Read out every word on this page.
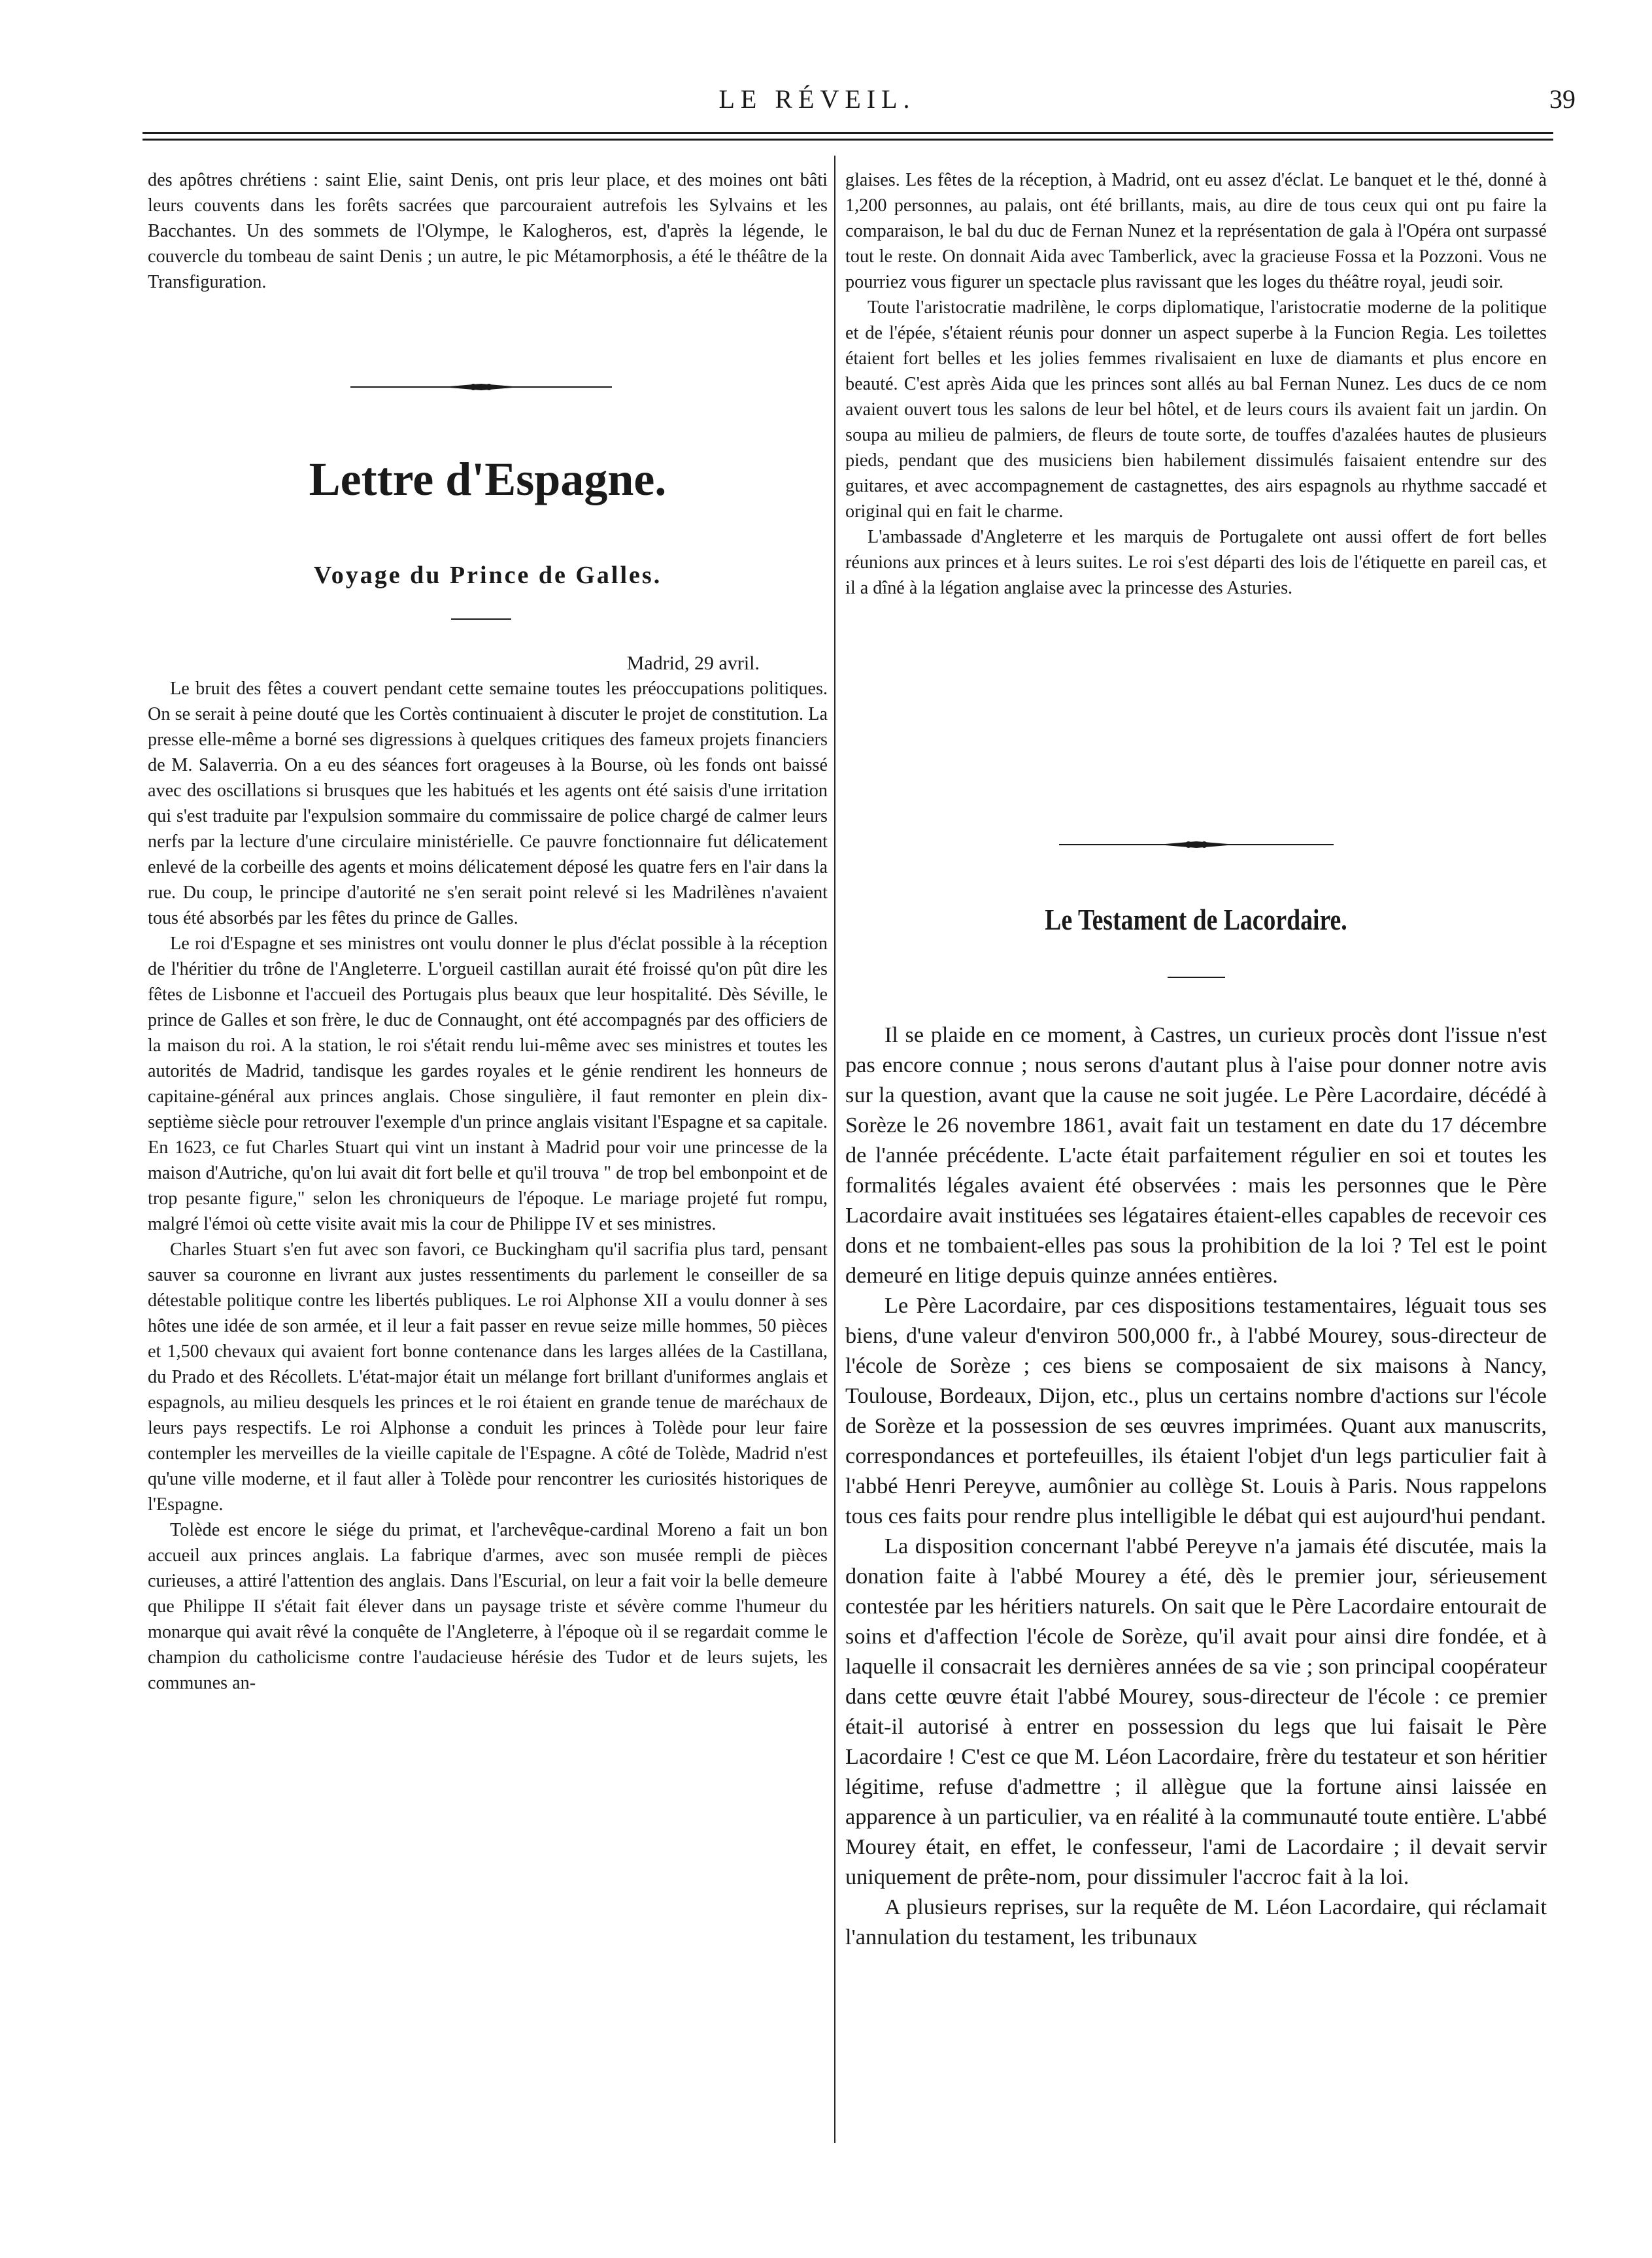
LE RÉVEIL.	39

des apôtres chrétiens : saint Elie, saint Denis, ont pris leur place, et des moines ont bâti leurs couvents dans les forêts sacrées que parcouraient autrefois les Sylvains et les Bacchantes. Un des sommets de l'Olympe, le Kalogheros, est, d'après la légende, le couvercle du tombeau de saint Denis ; un autre, le pic Métamorphosis, a été le théâtre de la Transfiguration.

Lettre d'Espagne.
Voyage du Prince de Galles.
Madrid, 29 avril.

Le bruit des fêtes a couvert pendant cette semaine toutes les préoccupations politiques. On se serait à peine douté que les Cortès continuaient à discuter le projet de constitution. La presse elle-même a borné ses digressions à quelques critiques des fameux projets financiers de M. Salaverria. On a eu des séances fort orageuses à la Bourse, où les fonds ont baissé avec des oscillations si brusques que les habitués et les agents ont été saisis d'une irritation qui s'est traduite par l'expulsion sommaire du commissaire de police chargé de calmer leurs nerfs par la lecture d'une circulaire ministérielle. Ce pauvre fonctionnaire fut délicatement enlevé de la corbeille des agents et moins délicatement déposé les quatre fers en l'air dans la rue. Du coup, le principe d'autorité ne s'en serait point relevé si les Madrilènes n'avaient tous été absorbés par les fêtes du prince de Galles.

Le roi d'Espagne et ses ministres ont voulu donner le plus d'éclat possible à la réception de l'héritier du trône de l'Angleterre. L'orgueil castillan aurait été froissé qu'on pût dire les fêtes de Lisbonne et l'accueil des Portugais plus beaux que leur hospitalité. Dès Séville, le prince de Galles et son frère, le duc de Connaught, ont été accompagnés par des officiers de la maison du roi. A la station, le roi s'était rendu lui-même avec ses ministres et toutes les autorités de Madrid, tandisque les gardes royales et le génie rendirent les honneurs de capitaine-général aux princes anglais. Chose singulière, il faut remonter en plein dix-septième siècle pour retrouver l'exemple d'un prince anglais visitant l'Espagne et sa capitale. En 1623, ce fut Charles Stuart qui vint un instant à Madrid pour voir une princesse de la maison d'Autriche, qu'on lui avait dit fort belle et qu'il trouva " de trop bel embonpoint et de trop pesante figure," selon les chroniqueurs de l'époque. Le mariage projeté fut rompu, malgré l'émoi où cette visite avait mis la cour de Philippe IV et ses ministres.

Charles Stuart s'en fut avec son favori, ce Buckingham qu'il sacrifia plus tard, pensant sauver sa couronne en livrant aux justes ressentiments du parlement le conseiller de sa détestable politique contre les libertés publiques. Le roi Alphonse XII a voulu donner à ses hôtes une idée de son armée, et il leur a fait passer en revue seize mille hommes, 50 pièces et 1,500 chevaux qui avaient fort bonne contenance dans les larges allées de la Castillana, du Prado et des Récollets. L'état-major était un mélange fort brillant d'uniformes anglais et espagnols, au milieu desquels les princes et le roi étaient en grande tenue de maréchaux de leurs pays respectifs. Le roi Alphonse a conduit les princes à Tolède pour leur faire contempler les merveilles de la vieille capitale de l'Espagne. A côté de Tolède, Madrid n'est qu'une ville moderne, et il faut aller à Tolède pour rencontrer les curiosités historiques de l'Espagne.

Tolède est encore le siége du primat, et l'archevêque-cardinal Moreno a fait un bon accueil aux princes anglais. La fabrique d'armes, avec son musée rempli de pièces curieuses, a attiré l'attention des anglais. Dans l'Escurial, on leur a fait voir la belle demeure que Philippe II s'était fait élever dans un paysage triste et sévère comme l'humeur du monarque qui avait rêvé la conquête de l'Angleterre, à l'époque où il se regardait comme le champion du catholicisme contre l'audacieuse hérésie des Tudor et de leurs sujets, les communes an-

glaises. Les fêtes de la réception, à Madrid, ont eu assez d'éclat. Le banquet et le thé, donné à 1,200 personnes, au palais, ont été brillants, mais, au dire de tous ceux qui ont pu faire la comparaison, le bal du duc de Fernan Nunez et la représentation de gala à l'Opéra ont surpassé tout le reste. On donnait Aida avec Tamberlick, avec la gracieuse Fossa et la Pozzoni. Vous ne pourriez vous figurer un spectacle plus ravissant que les loges du théâtre royal, jeudi soir.

Toute l'aristocratie madrilène, le corps diplomatique, l'aristocratie moderne de la politique et de l'épée, s'étaient réunis pour donner un aspect superbe à la Funcion Regia. Les toilettes étaient fort belles et les jolies femmes rivalisaient en luxe de diamants et plus encore en beauté. C'est après Aida que les princes sont allés au bal Fernan Nunez. Les ducs de ce nom avaient ouvert tous les salons de leur bel hôtel, et de leurs cours ils avaient fait un jardin. On soupa au milieu de palmiers, de fleurs de toute sorte, de touffes d'azalées hautes de plusieurs pieds, pendant que des musiciens bien habilement dissimulés faisaient entendre sur des guitares, et avec accompagnement de castagnettes, des airs espagnols au rhythme saccadé et original qui en fait le charme.

L'ambassade d'Angleterre et les marquis de Portugalete ont aussi offert de fort belles réunions aux princes et à leurs suites. Le roi s'est départi des lois de l'étiquette en pareil cas, et il a dîné à la légation anglaise avec la princesse des Asturies.

Le Testament de Lacordaire.

Il se plaide en ce moment, à Castres, un curieux procès dont l'issue n'est pas encore connue ; nous serons d'autant plus à l'aise pour donner notre avis sur la question, avant que la cause ne soit jugée. Le Père Lacordaire, décédé à Sorèze le 26 novembre 1861, avait fait un testament en date du 17 décembre de l'année précédente. L'acte était parfaitement régulier en soi et toutes les formalités légales avaient été observées : mais les personnes que le Père Lacordaire avait instituées ses légataires étaient-elles capables de recevoir ces dons et ne tombaient-elles pas sous la prohibition de la loi ? Tel est le point demeuré en litige depuis quinze années entières.

Le Père Lacordaire, par ces dispositions testamentaires, léguait tous ses biens, d'une valeur d'environ 500,000 fr., à l'abbé Mourey, sous-directeur de l'école de Sorèze ; ces biens se composaient de six maisons à Nancy, Toulouse, Bordeaux, Dijon, etc., plus un certains nombre d'actions sur l'école de Sorèze et la possession de ses œuvres imprimées. Quant aux manuscrits, correspondances et portefeuilles, ils étaient l'objet d'un legs particulier fait à l'abbé Henri Pereyve, aumônier au collège St. Louis à Paris. Nous rappelons tous ces faits pour rendre plus intelligible le débat qui est aujourd'hui pendant.

La disposition concernant l'abbé Pereyve n'a jamais été discutée, mais la donation faite à l'abbé Mourey a été, dès le premier jour, sérieusement contestée par les héritiers naturels. On sait que le Père Lacordaire entourait de soins et d'affection l'école de Sorèze, qu'il avait pour ainsi dire fondée, et à laquelle il consacrait les dernières années de sa vie ; son principal coopérateur dans cette œuvre était l'abbé Mourey, sous-directeur de l'école : ce premier était-il autorisé à entrer en possession du legs que lui faisait le Père Lacordaire ! C'est ce que M. Léon Lacordaire, frère du testateur et son héritier légitime, refuse d'admettre ; il allègue que la fortune ainsi laissée en apparence à un particulier, va en réalité à la communauté toute entière. L'abbé Mourey était, en effet, le confesseur, l'ami de Lacordaire ; il devait servir uniquement de prête-nom, pour dissimuler l'accroc fait à la loi.

A plusieurs reprises, sur la requête de M. Léon Lacordaire, qui réclamait l'annulation du testament, les tribunaux
